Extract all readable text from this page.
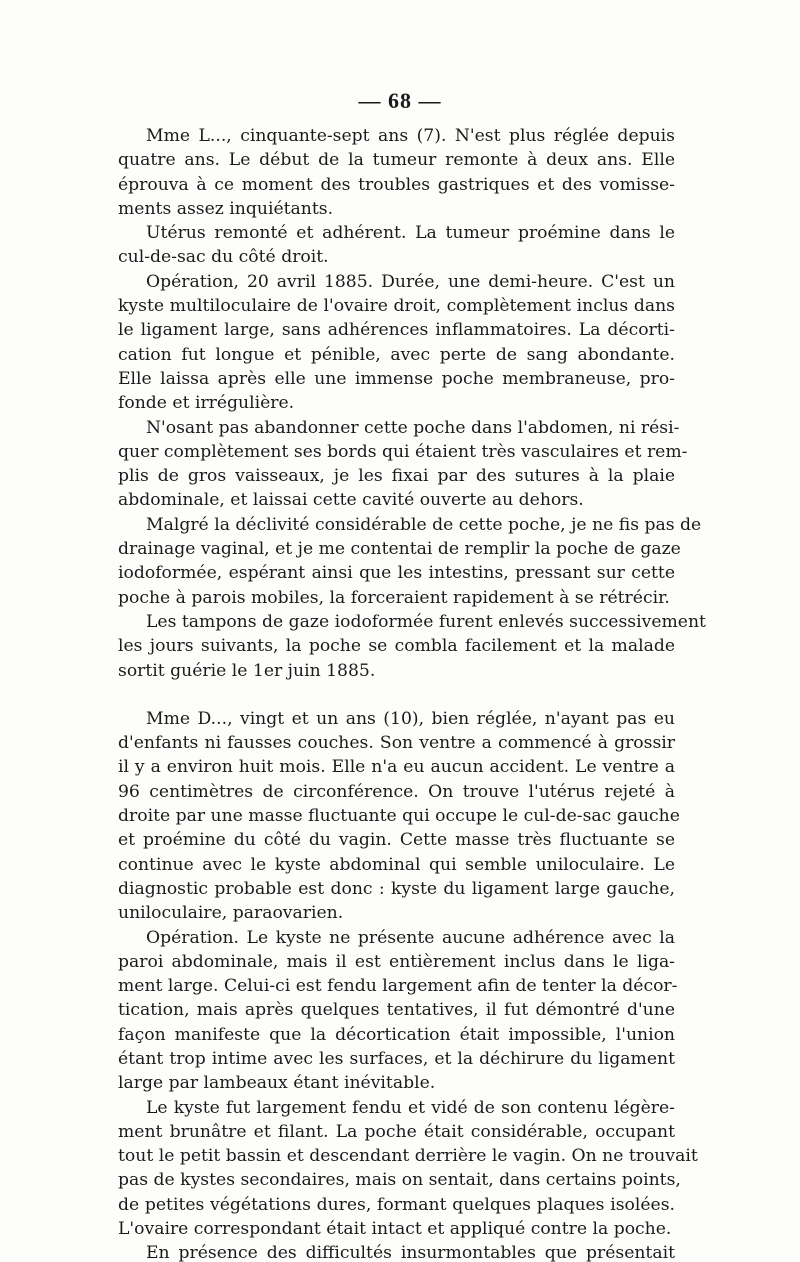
— 68 —
Mme L..., cinquante-sept ans (7). N'est plus réglée depuis
quatre ans. Le début de la tumeur remonte à deux ans. Elle
éprouva à ce moment des troubles gastriques et des vomisse-
ments assez inquiétants.
Utérus remonté et adhérent. La tumeur proémine dans le
cul-de-sac du côté droit.
Opération, 20 avril 1885. Durée, une demi-heure. C'est un
kyste multiloculaire de l'ovaire droit, complètement inclus dans
le ligament large, sans adhérences inflammatoires. La décorti-
cation fut longue et pénible, avec perte de sang abondante.
Elle laissa après elle une immense poche membraneuse, pro-
fonde et irrégulière.
N'osant pas abandonner cette poche dans l'abdomen, ni rési-
quer complètement ses bords qui étaient très vasculaires et rem-
plis de gros vaisseaux, je les fixai par des sutures à la plaie
abdominale, et laissai cette cavité ouverte au dehors.
Malgré la déclivité considérable de cette poche, je ne fis pas de
drainage vaginal, et je me contentai de remplir la poche de gaze
iodoformée, espérant ainsi que les intestins, pressant sur cette
poche à parois mobiles, la forceraient rapidement à se rétrécir.
Les tampons de gaze iodoformée furent enlevés successivement
les jours suivants, la poche se combla facilement et la malade
sortit guérie le 1er juin 1885.
Mme D..., vingt et un ans (10), bien réglée, n'ayant pas eu
d'enfants ni fausses couches. Son ventre a commencé à grossir
il y a environ huit mois. Elle n'a eu aucun accident. Le ventre a
96 centimètres de circonférence. On trouve l'utérus rejeté à
droite par une masse fluctuante qui occupe le cul-de-sac gauche
et proémine du côté du vagin. Cette masse très fluctuante se
continue avec le kyste abdominal qui semble uniloculaire. Le
diagnostic probable est donc : kyste du ligament large gauche,
uniloculaire, paraovarien.
Opération. Le kyste ne présente aucune adhérence avec la
paroi abdominale, mais il est entièrement inclus dans le liga-
ment large. Celui-ci est fendu largement afin de tenter la décor-
tication, mais après quelques tentatives, il fut démontré d'une
façon manifeste que la décortication était impossible, l'union
étant trop intime avec les surfaces, et la déchirure du ligament
large par lambeaux étant inévitable.
Le kyste fut largement fendu et vidé de son contenu légère-
ment brunâtre et filant. La poche était considérable, occupant
tout le petit bassin et descendant derrière le vagin. On ne trouvait
pas de kystes secondaires, mais on sentait, dans certains points,
de petites végétations dures, formant quelques plaques isolées.
L'ovaire correspondant était intact et appliqué contre la poche.
En présence des difficultés insurmontables que présentait
